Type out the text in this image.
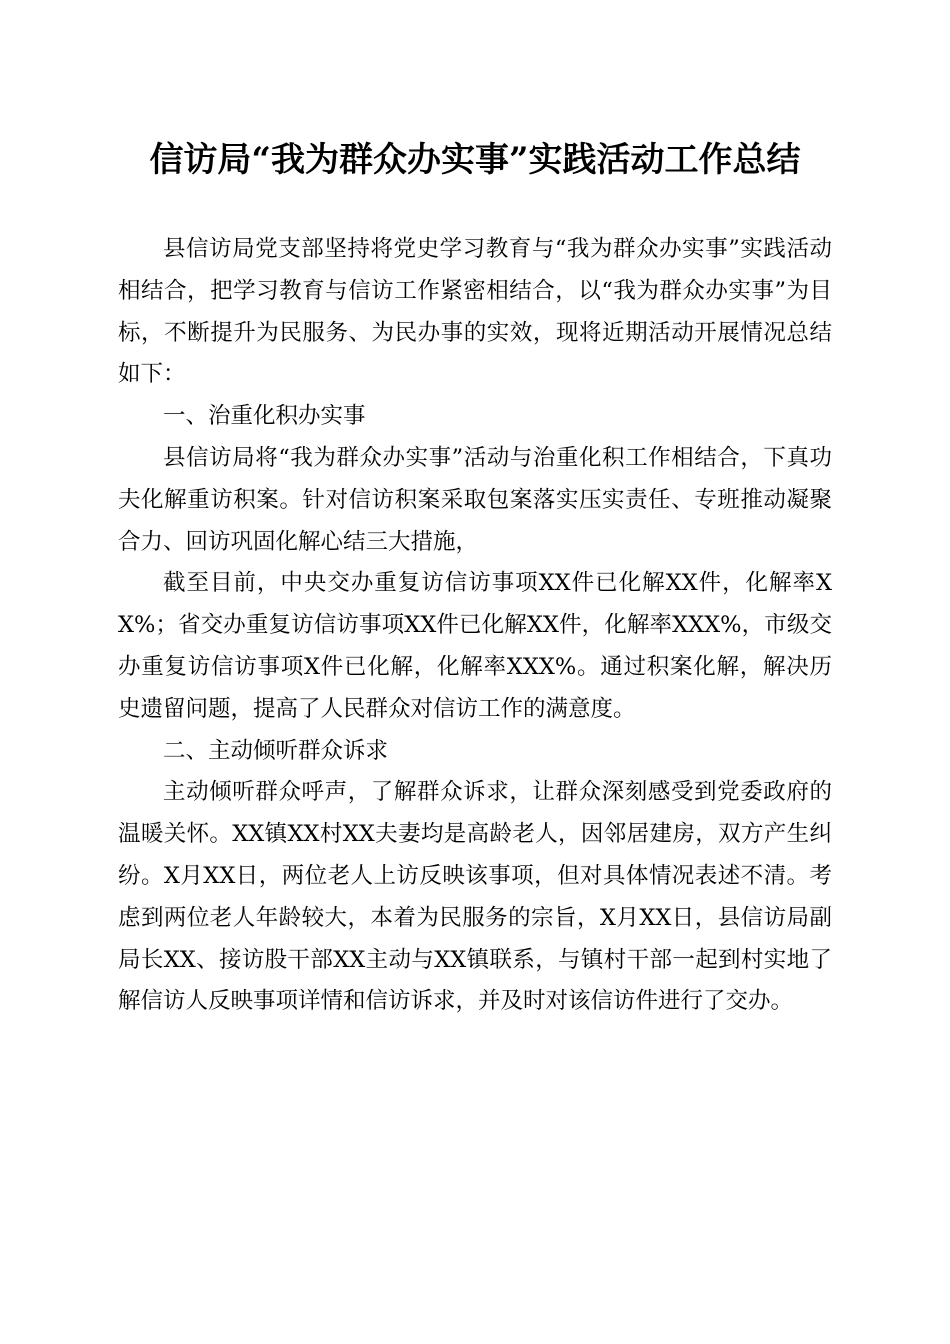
信访局“我为群众办实事”实践活动工作总结

县信访局党支部坚持将党史学习教育与“我为群众办实事”实践活动相结合，把学习教育与信访工作紧密相结合，以“我为群众办实事”为目标，不断提升为民服务、为民办事的实效，现将近期活动开展情况总结如下：

一、治重化积办实事

县信访局将“我为群众办实事”活动与治重化积工作相结合，下真功夫化解重访积案。针对信访积案采取包案落实压实责任、专班推动凝聚合力、回访巩固化解心结三大措施，

截至目前，中央交办重复访信访事项XX件已化解XX件，化解率XX%；省交办重复访信访事项XX件已化解XX件，化解率XXX%，市级交办重复访信访事项X件已化解，化解率XXX%。通过积案化解，解决历史遗留问题，提高了人民群众对信访工作的满意度。

二、主动倾听群众诉求

主动倾听群众呼声，了解群众诉求，让群众深刻感受到党委政府的温暖关怀。XX镇XX村XX夫妻均是高龄老人，因邻居建房，双方产生纠纷。X月XX日，两位老人上访反映该事项，但对具体情况表述不清。考虑到两位老人年龄较大，本着为民服务的宗旨，X月XX日，县信访局副局长XX、接访股干部XX主动与XX镇联系，与镇村干部一起到村实地了解信访人反映事项详情和信访诉求，并及时对该信访件进行了交办。
